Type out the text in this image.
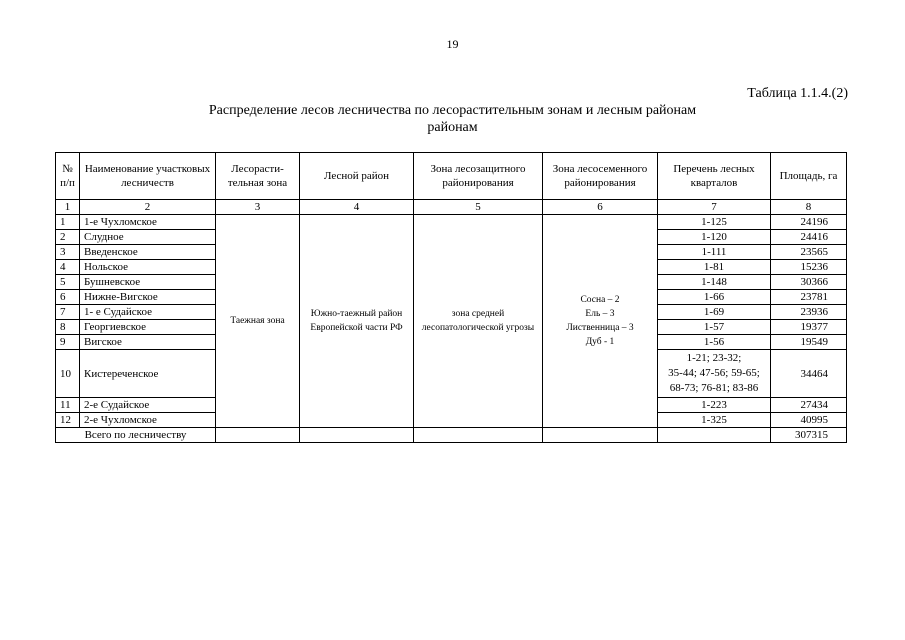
19
Таблица 1.1.4.(2)
Распределение лесов лесничества по лесорастительным зонам и лесным районам
районам
№ п/п	Наименование участковых лесничеств	Лесорасти-тельная зона	Лесной район	Зона лесозащитного районирования	Зона лесосеменного районирования	Перечень лесных кварталов	Площадь, га
1	2	3	4	5	6	7	8
1	1-е Чухломское	Таежная зона	Южно-таежный район Европейской части РФ	зона средней лесопатологической угрозы	Сосна – 2
Ель – 3
Лиственница – 3
Дуб - 1	1-125	24196
2	Слудное					1-120	24416
3	Введенское					1-111	23565
4	Нольское					1-81	15236
5	Бушневское					1-148	30366
6	Нижне-Вигское					1-66	23781
7	1- е Судайское					1-69	23936
8	Георгиевское					1-57	19377
9	Вигское					1-56	19549
10	Кистереченское					1-21; 23-32;
35-44; 47-56; 59-65;
68-73; 76-81; 83-86	34464
11	2-е Судайское					1-223	27434
12	2-е Чухломское					1-325	40995
Всего по лесничеству							307315
